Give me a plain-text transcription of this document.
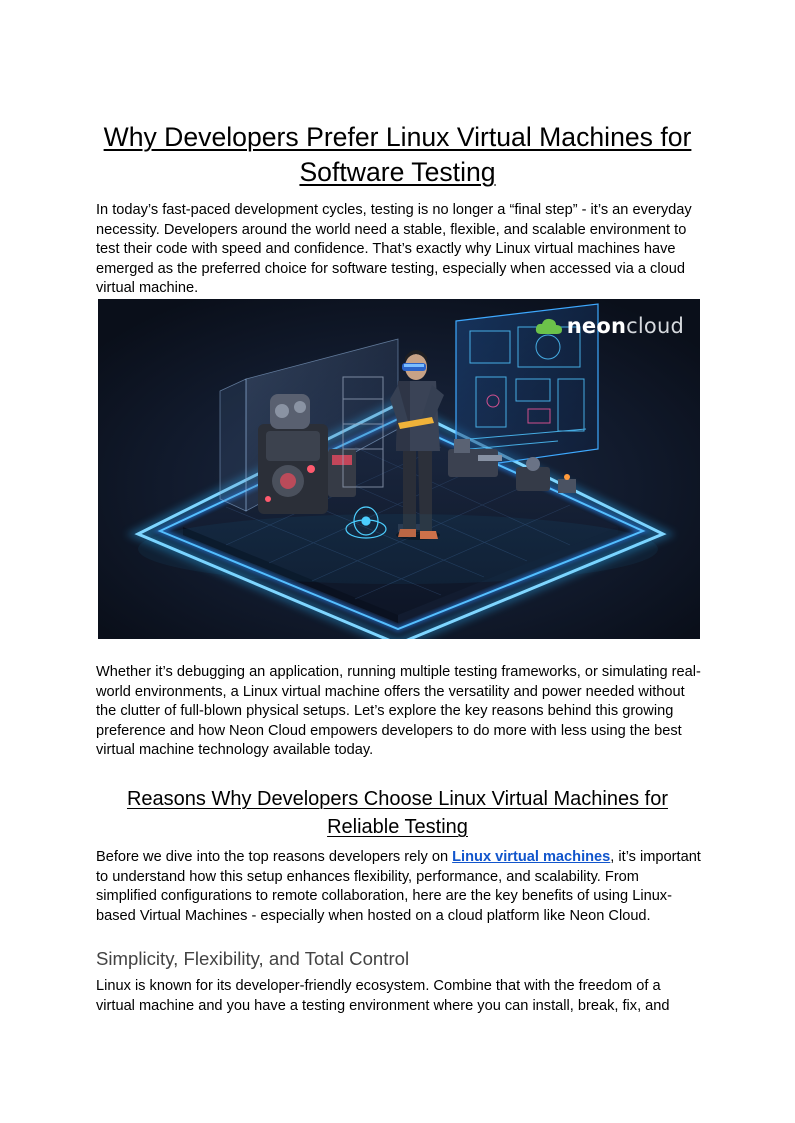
Why Developers Prefer Linux Virtual Machines for Software Testing

In today’s fast-paced development cycles, testing is no longer a “final step” - it’s an everyday necessity. Developers around the world need a stable, flexible, and scalable environment to test their code with speed and confidence. That’s exactly why Linux virtual machines have emerged as the preferred choice for software testing, especially when accessed via a cloud virtual machine.

neoncloud

Whether it’s debugging an application, running multiple testing frameworks, or simulating real-world environments, a Linux virtual machine offers the versatility and power needed without the clutter of full-blown physical setups. Let’s explore the key reasons behind this growing preference and how Neon Cloud empowers developers to do more with less using the best virtual machine technology available today.

Reasons Why Developers Choose Linux Virtual Machines for Reliable Testing

Before we dive into the top reasons developers rely on Linux virtual machines, it’s important to understand how this setup enhances flexibility, performance, and scalability. From simplified configurations to remote collaboration, here are the key benefits of using Linux-based Virtual Machines - especially when hosted on a cloud platform like Neon Cloud.

Simplicity, Flexibility, and Total Control

Linux is known for its developer-friendly ecosystem. Combine that with the freedom of a virtual machine and you have a testing environment where you can install, break, fix, and
